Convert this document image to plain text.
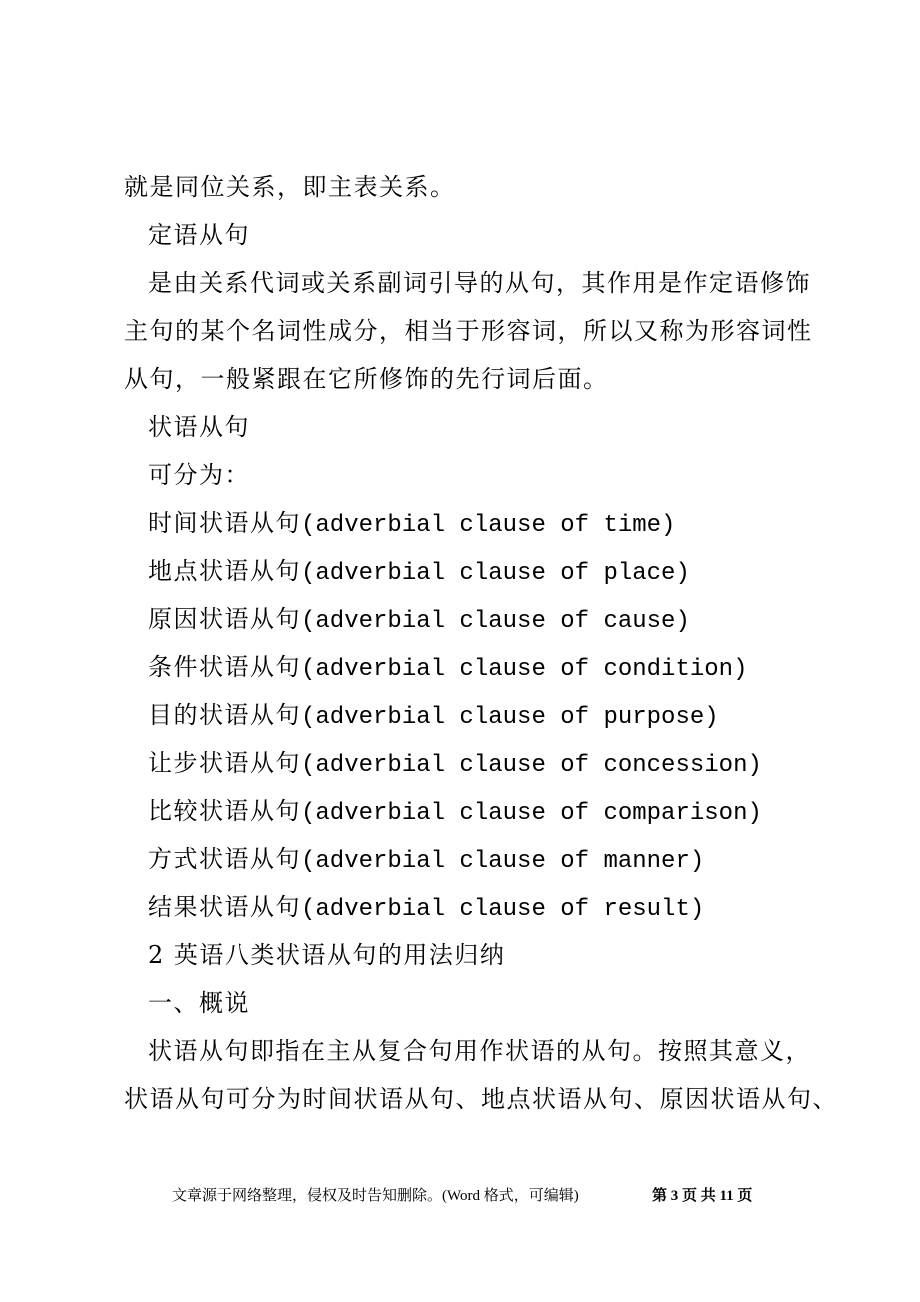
就是同位关系，即主表关系。
定语从句
是由关系代词或关系副词引导的从句，其作用是作定语修饰
主句的某个名词性成分，相当于形容词，所以又称为形容词性
从句，一般紧跟在它所修饰的先行词后面。
状语从句
可分为：
时间状语从句(adverbial clause of time)
地点状语从句(adverbial clause of place)
原因状语从句(adverbial clause of cause)
条件状语从句(adverbial clause of condition)
目的状语从句(adverbial clause of purpose)
让步状语从句(adverbial clause of concession)
比较状语从句(adverbial clause of comparison)
方式状语从句(adverbial clause of manner)
结果状语从句(adverbial clause of result)
2 英语八类状语从句的用法归纳
一、概说
状语从句即指在主从复合句用作状语的从句。按照其意义，
状语从句可分为时间状语从句、地点状语从句、原因状语从句、
文章源于网络整理，侵权及时告知删除。(Word 格式，可编辑)	第 3 页 共 11 页
